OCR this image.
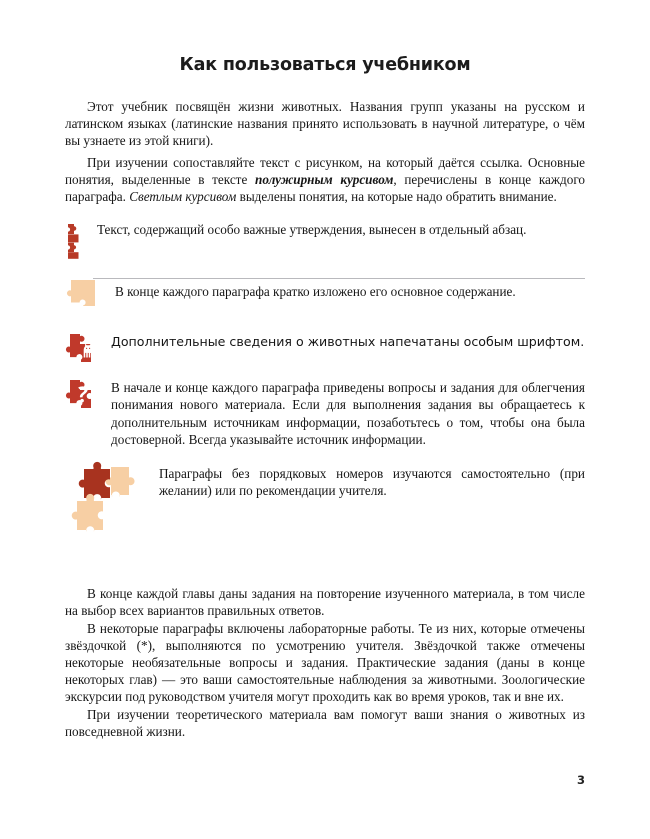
Как пользоваться учебником

Этот учебник посвящён жизни животных. Названия групп указаны на русском и латинском языках (латинские названия принято использовать в научной литературе, о чём вы узнаете из этой книги).

При изучении сопоставляйте текст с рисунком, на который даётся ссылка. Основные понятия, выделенные в тексте полужирным курсивом, перечислены в конце каждого параграфа. Светлым курсивом выделены понятия, на которые надо обратить внимание.

Текст, содержащий особо важные утверждения, вынесен в отдельный абзац.
В конце каждого параграфа кратко изложено его основное содержание.
Дополнительные сведения о животных напечатаны особым шрифтом.
В начале и конце каждого параграфа приведены вопросы и задания для облегчения понимания нового материала. Если для выполнения задания вы обращаетесь к дополнительным источникам информации, позаботьтесь о том, чтобы она была достоверной. Всегда указывайте источник информации.
Параграфы без порядковых номеров изучаются самостоятельно (при желании) или по рекомендации учителя.

В конце каждой главы даны задания на повторение изученного материала, в том числе на выбор всех вариантов правильных ответов.

В некоторые параграфы включены лабораторные работы. Те из них, которые отмечены звёздочкой (*), выполняются по усмотрению учителя. Звёздочкой также отмечены некоторые необязательные вопросы и задания. Практические задания (даны в конце некоторых глав) — это ваши самостоятельные наблюдения за животными. Зоологические экскурсии под руководством учителя могут проходить как во время уроков, так и вне их.

При изучении теоретического материала вам помогут ваши знания о животных из повседневной жизни.

3
